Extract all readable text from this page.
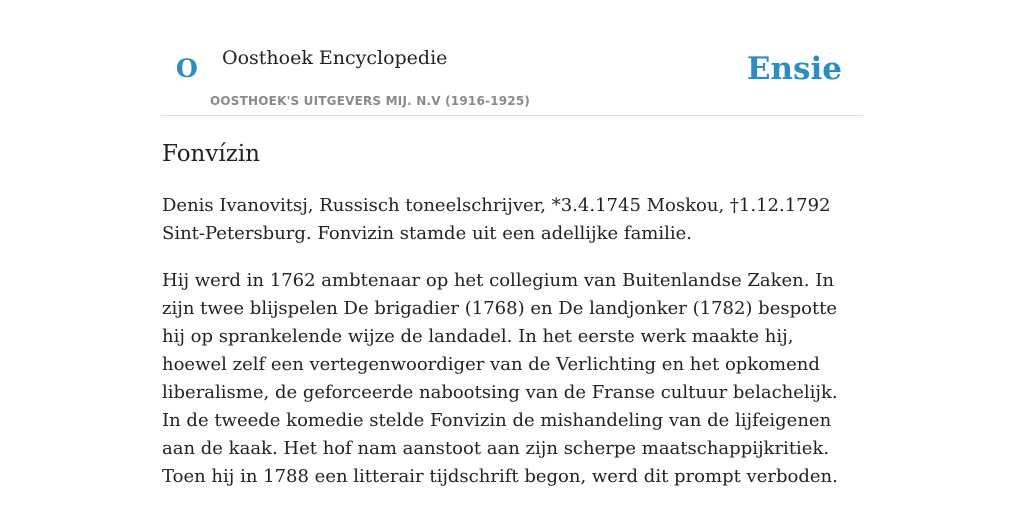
O Oosthoek Encyclopedie
OOSTHOEK'S UITGEVERS MIJ. N.V (1916-1925)
Ensie
Fonvízin

Denis Ivanovitsj, Russisch toneelschrijver, *3.4.1745 Moskou, †1.12.1792 Sint-Petersburg. Fonvizin stamde uit een adellijke familie.

Hij werd in 1762 ambtenaar op het collegium van Buitenlandse Zaken. In zijn twee blijspelen De brigadier (1768) en De landjonker (1782) bespotte hij op sprankelende wijze de landadel. In het eerste werk maakte hij, hoewel zelf een vertegenwoordiger van de Verlichting en het opkomend liberalisme, de geforceerde nabootsing van de Franse cultuur belachelijk. In de tweede komedie stelde Fonvizin de mishandeling van de lijfeigenen aan de kaak. Het hof nam aanstoot aan zijn scherpe maatschappijkritiek. Toen hij in 1788 een litterair tijdschrift begon, werd dit prompt verboden.
